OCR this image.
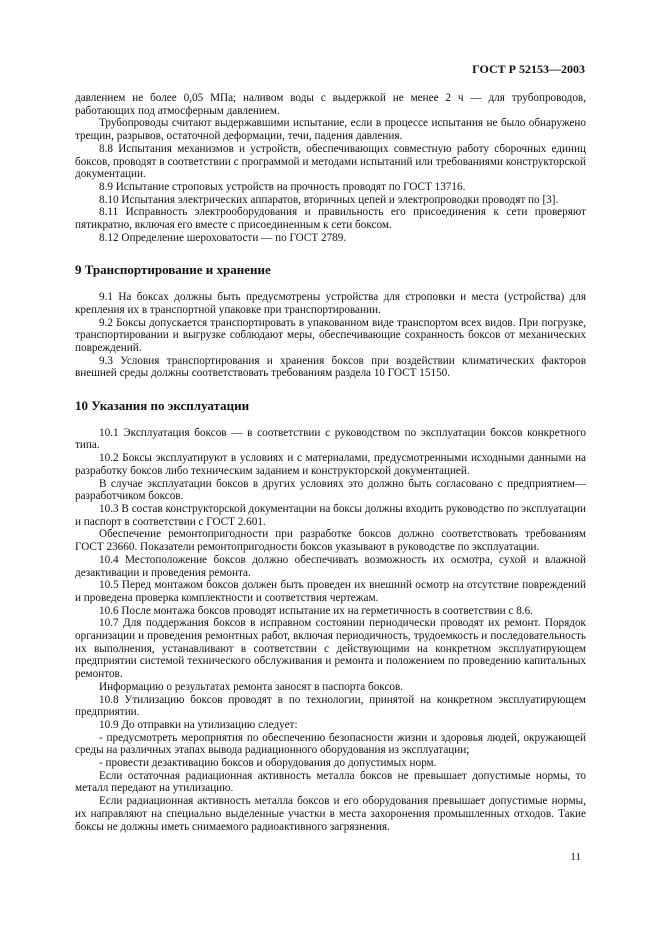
ГОСТ Р 52153—2003

давлением не более 0,05 МПа; наливом воды с выдержкой не менее 2 ч — для трубопроводов, работающих под атмосферным давлением.

Трубопроводы считают выдержавшими испытание, если в процессе испытания не было обнаружено трещин, разрывов, остаточной деформации, течи, падения давления.

8.8 Испытания механизмов и устройств, обеспечивающих совместную работу сборочных единиц боксов, проводят в соответствии с программой и методами испытаний или требованиями конструкторской документации.

8.9 Испытание строповых устройств на прочность проводят по ГОСТ 13716.

8.10 Испытания электрических аппаратов, вторичных цепей и электропроводки проводят по [3].

8.11 Исправность электрооборудования и правильность его присоединения к сети проверяют пятикратно, включая его вместе с присоединенным к сети боксом.

8.12 Определение шероховатости — по ГОСТ 2789.

9 Транспортирование и хранение

9.1 На боксах должны быть предусмотрены устройства для строповки и места (устройства) для крепления их в транспортной упаковке при транспортировании.

9.2 Боксы допускается транспортировать в упакованном виде транспортом всех видов. При погрузке, транспортировании и выгрузке соблюдают меры, обеспечивающие сохранность боксов от механических повреждений.

9.3 Условия транспортирования и хранения боксов при воздействии климатических факторов внешней среды должны соответствовать требованиям раздела 10 ГОСТ 15150.

10 Указания по эксплуатации

10.1 Эксплуатация боксов — в соответствии с руководством по эксплуатации боксов конкретного типа.

10.2 Боксы эксплуатируют в условиях и с материалами, предусмотренными исходными данными на разработку боксов либо техническим заданием и конструкторской документацией.

В случае эксплуатации боксов в других условиях это должно быть согласовано с предприятием—разработчиком боксов.

10.3 В состав конструкторской документации на боксы должны входить руководство по эксплуатации и паспорт в соответствии с ГОСТ 2.601.

Обеспечение ремонтопригодности при разработке боксов должно соответствовать требованиям ГОСТ 23660. Показатели ремонтопригодности боксов указывают в руководстве по эксплуатации.

10.4 Местоположение боксов должно обеспечивать возможность их осмотра, сухой и влажной дезактивации и проведения ремонта.

10.5 Перед монтажом боксов должен быть проведен их внешний осмотр на отсутствие повреждений и проведена проверка комплектности и соответствия чертежам.

10.6 После монтажа боксов проводят испытание их на герметичность в соответствии с 8.6.

10.7 Для поддержания боксов в исправном состоянии периодически проводят их ремонт. Порядок организации и проведения ремонтных работ, включая периодичность, трудоемкость и последовательность их выполнения, устанавливают в соответствии с действующими на конкретном эксплуатирующем предприятии системой технического обслуживания и ремонта и положением по проведению капитальных ремонтов.

Информацию о результатах ремонта заносят в паспорта боксов.

10.8 Утилизацию боксов проводят в по технологии, принятой на конкретном эксплуатирующем предприятии.

10.9 До отправки на утилизацию следует:

- предусмотреть мероприятия по обеспечению безопасности жизни и здоровья людей, окружающей среды на различных этапах вывода радиационного оборудования из эксплуатации;

- провести дезактивацию боксов и оборудования до допустимых норм.

Если остаточная радиационная активность металла боксов не превышает допустимые нормы, то металл передают на утилизацию.

Если радиационная активность металла боксов и его оборудования превышает допустимые нормы, их направляют на специально выделенные участки в места захоронения промышленных отходов. Такие боксы не должны иметь снимаемого радиоактивного загрязнения.

11
